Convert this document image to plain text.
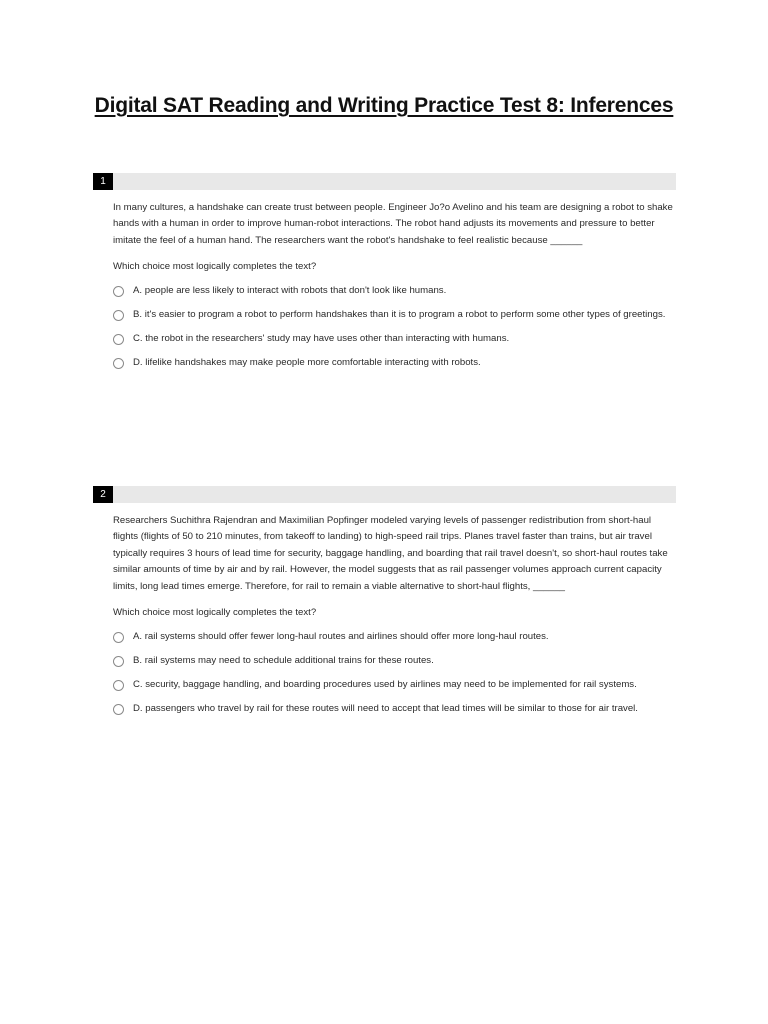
Digital SAT Reading and Writing Practice Test 8: Inferences
1

In many cultures, a handshake can create trust between people. Engineer Jo?o Avelino and his team are designing a robot to shake hands with a human in order to improve human-robot interactions. The robot hand adjusts its movements and pressure to better imitate the feel of a human hand. The researchers want the robot's handshake to feel realistic because ______

Which choice most logically completes the text?

A. people are less likely to interact with robots that don't look like humans.
B. it's easier to program a robot to perform handshakes than it is to program a robot to perform some other types of greetings.
C. the robot in the researchers' study may have uses other than interacting with humans.
D. lifelike handshakes may make people more comfortable interacting with robots.
2

Researchers Suchithra Rajendran and Maximilian Popfinger modeled varying levels of passenger redistribution from short-haul flights (flights of 50 to 210 minutes, from takeoff to landing) to high-speed rail trips. Planes travel faster than trains, but air travel typically requires 3 hours of lead time for security, baggage handling, and boarding that rail travel doesn't, so short-haul routes take similar amounts of time by air and by rail. However, the model suggests that as rail passenger volumes approach current capacity limits, long lead times emerge. Therefore, for rail to remain a viable alternative to short-haul flights, ______

Which choice most logically completes the text?

A. rail systems should offer fewer long-haul routes and airlines should offer more long-haul routes.
B. rail systems may need to schedule additional trains for these routes.
C. security, baggage handling, and boarding procedures used by airlines may need to be implemented for rail systems.
D. passengers who travel by rail for these routes will need to accept that lead times will be similar to those for air travel.
